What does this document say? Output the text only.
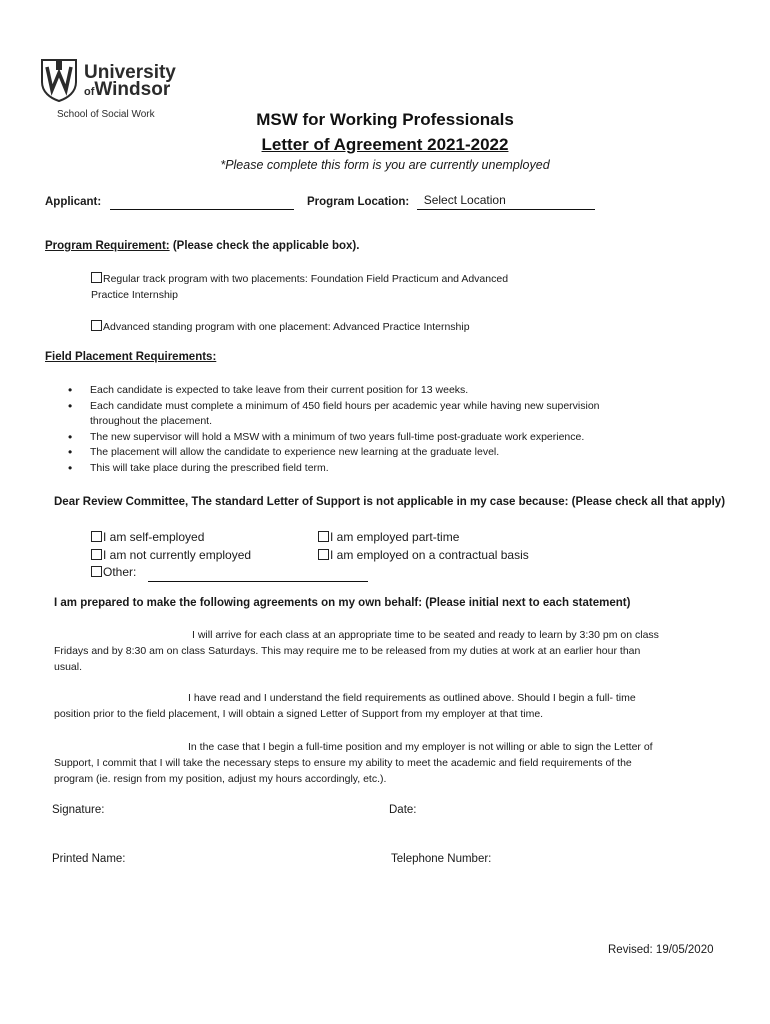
University
ofWindsor
School of Social Work	MSW for Working Professionals
Letter of Agreement 2021-2022
*Please complete this form is you are currently unemployed
Applicant:	Program Location: Select Location
Program Requirement: (Please check the applicable box).
Regular track program with two placements: Foundation Field Practicum and Advanced
Practice Internship
Advanced standing program with one placement: Advanced Practice Internship
Field Placement Requirements:
• Each candidate is expected to take leave from their current position for 13 weeks.
• Each candidate must complete a minimum of 450 field hours per academic year while having new supervision throughout the placement.
• The new supervisor will hold a MSW with a minimum of two years full-time post-graduate work experience.
• The placement will allow the candidate to experience new learning at the graduate level.
• This will take place during the prescribed field term.
Dear Review Committee, The standard Letter of Support is not applicable in my case because: (Please check all that apply)
I am self-employed
I am not currently employed
Other:
I am employed part-time
I am employed on a contractual basis
I am prepared to make the following agreements on my own behalf: (Please initial next to each statement)
I will arrive for each class at an appropriate time to be seated and ready to learn by 3:30 pm on class
Fridays and by 8:30 am on class Saturdays. This may require me to be released from my duties at work at an earlier hour than
usual.
I have read and I understand the field requirements as outlined above. Should I begin a full- time
position prior to the field placement, I will obtain a signed Letter of Support from my employer at that time.
In the case that I begin a full-time position and my employer is not willing or able to sign the Letter of
Support, I commit that I will take the necessary steps to ensure my ability to meet the academic and field requirements of the
program (ie. resign from my position, adjust my hours accordingly, etc.).
Signature:	Date:
Printed Name:	Telephone Number:
Revised: 19/05/2020
